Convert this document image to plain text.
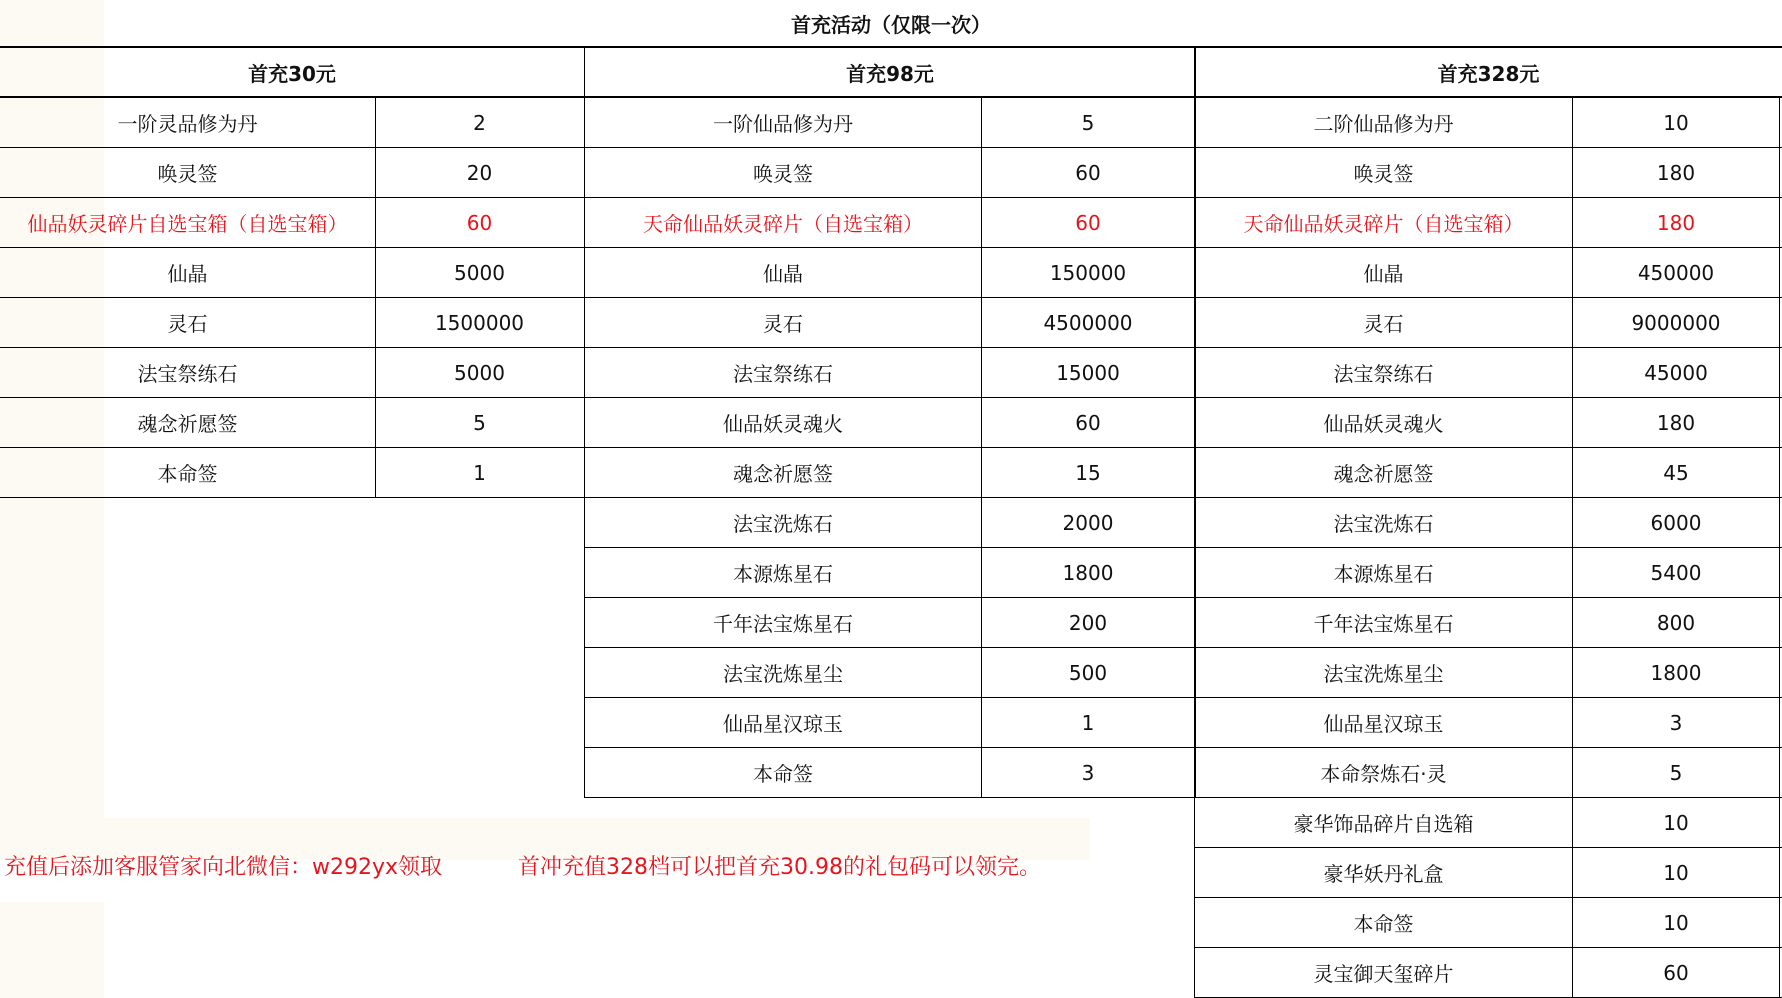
首充活动（仅限一次）
首充30元
一阶灵品修为丹	2
唤灵签	20
仙品妖灵碎片自选宝箱（自选宝箱）	60
仙晶	5000
灵石	1500000
法宝祭练石	5000
魂念祈愿签	5
本命签	1
首充98元
一阶仙品修为丹	5
唤灵签	60
天命仙品妖灵碎片（自选宝箱）	60
仙晶	150000
灵石	4500000
法宝祭练石	15000
仙品妖灵魂火	60
魂念祈愿签	15
法宝洗炼石	2000
本源炼星石	1800
千年法宝炼星石	200
法宝洗炼星尘	500
仙品星汉琼玉	1
本命签	3
首充328元
二阶仙品修为丹	10
唤灵签	180
天命仙品妖灵碎片（自选宝箱）	180
仙晶	450000
灵石	9000000
法宝祭练石	45000
仙品妖灵魂火	180
魂念祈愿签	45
法宝洗炼石	6000
本源炼星石	5400
千年法宝炼星石	800
法宝洗炼星尘	1800
仙品星汉琼玉	3
本命祭炼石·灵	5
豪华饰品碎片自选箱	10
豪华妖丹礼盒	10
本命签	10
灵宝御天玺碎片	60
充值后添加客服管家向北微信：w292yx领取	首冲充值328档可以把首充30.98的礼包码可以领完。
